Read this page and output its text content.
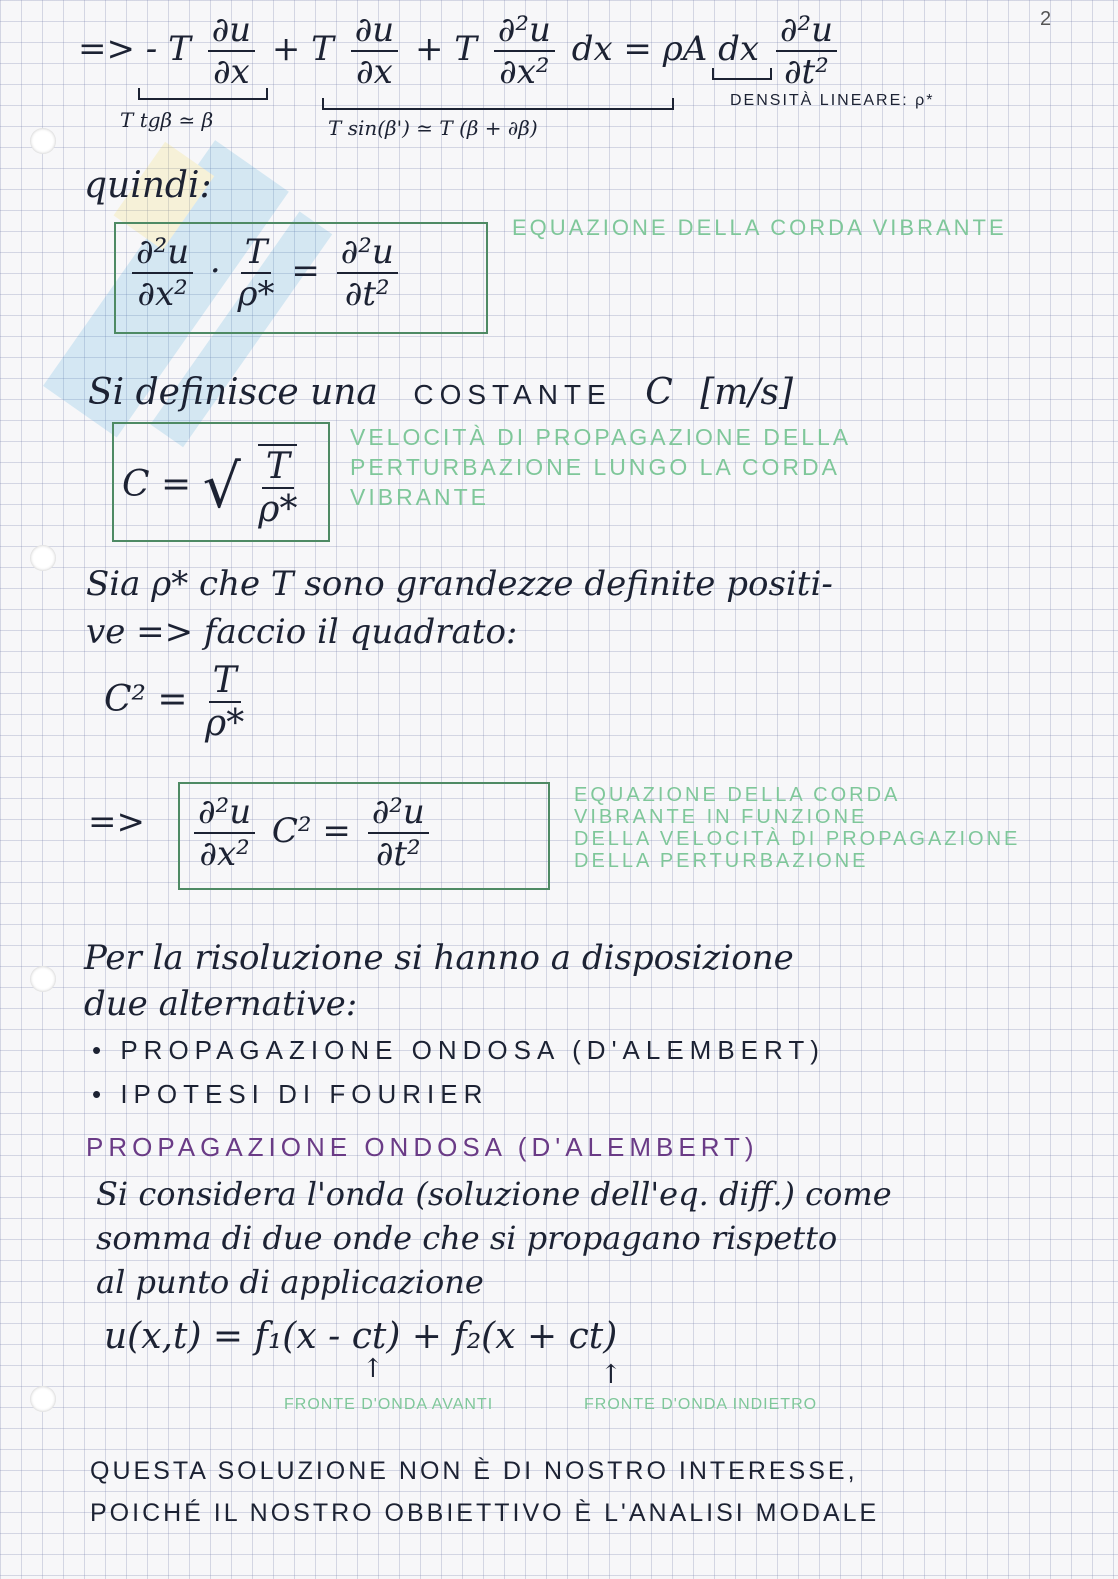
2
=> - T $\frac{\partial u}{\partial x} + T \frac{\partial u}{\partial x} + T \frac{\text{∂²u}}{\text{∂x²}}$ dx = ρA dx $\frac{\text{∂²u}}{\text{∂t²}}$
T tgβ ≃ β	T sin(β') ≃ T (β + ∂β)
DENSITÀ LINEARE: ρ*
quindi:
$\frac{\text{∂²u}}{\text{∂x²}} \cdot \frac{T}{\rho*} = \frac{\text{∂²u}}{\text{∂t²}}$
EQUAZIONE DELLA CORDA VIBRANTE
Si definisce una COSTANTE C [m/s]
C = √ $\frac{T}{\rho*}$
VELOCITÀ DI PROPAGAZIONE DELLA
PERTURBAZIONE LUNGO LA CORDA
VIBRANTE
Sia ρ* che T sono grandezze definite positi-
ve => faccio il quadrato:
$C^2 = \frac{T}{\rho*}$
=> $\frac{\text{∂²u}}{\text{∂x²}} C^2 = \frac{\text{∂²u}}{\text{∂t²}}$	EQUAZIONE DELLA CORDA
VIBRANTE IN FUNZIONE
DELLA VELOCITÀ DI PROPAGAZIONE
DELLA PERTURBAZIONE
Per la risoluzione si hanno a disposizione
due alternative:
• PROPAGAZIONE ONDOSA (D'ALEMBERT)
• IPOTESI DI FOURIER
PROPAGAZIONE ONDOSA (D'ALEMBERT)
Si considera l'onda (soluzione dell'eq. diff.) come
somma di due onde che si propagano rispetto
al punto di applicazione
u(x,t) = f₁(x - ct) + f₂(x + ct)
↑	↑
FRONTE D'ONDA AVANTI	FRONTE D'ONDA INDIETRO
QUESTA SOLUZIONE NON È DI NOSTRO INTERESSE,
POICHÉ IL NOSTRO OBBIETTIVO È L'ANALISI MODALE
